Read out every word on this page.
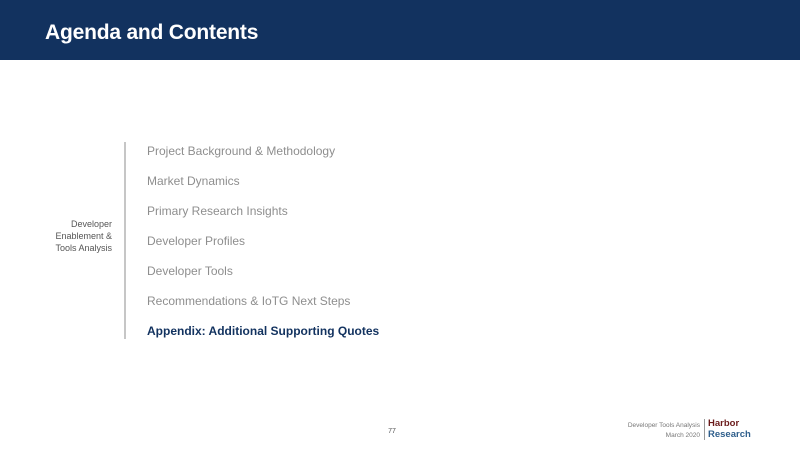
Agenda and Contents
Developer
Enablement &
Tools Analysis
Project Background & Methodology
Market Dynamics
Primary Research Insights
Developer Profiles
Developer Tools
Recommendations & IoTG Next Steps
Appendix: Additional Supporting Quotes
77
Developer Tools Analysis
March 2020
Harbor
Research
